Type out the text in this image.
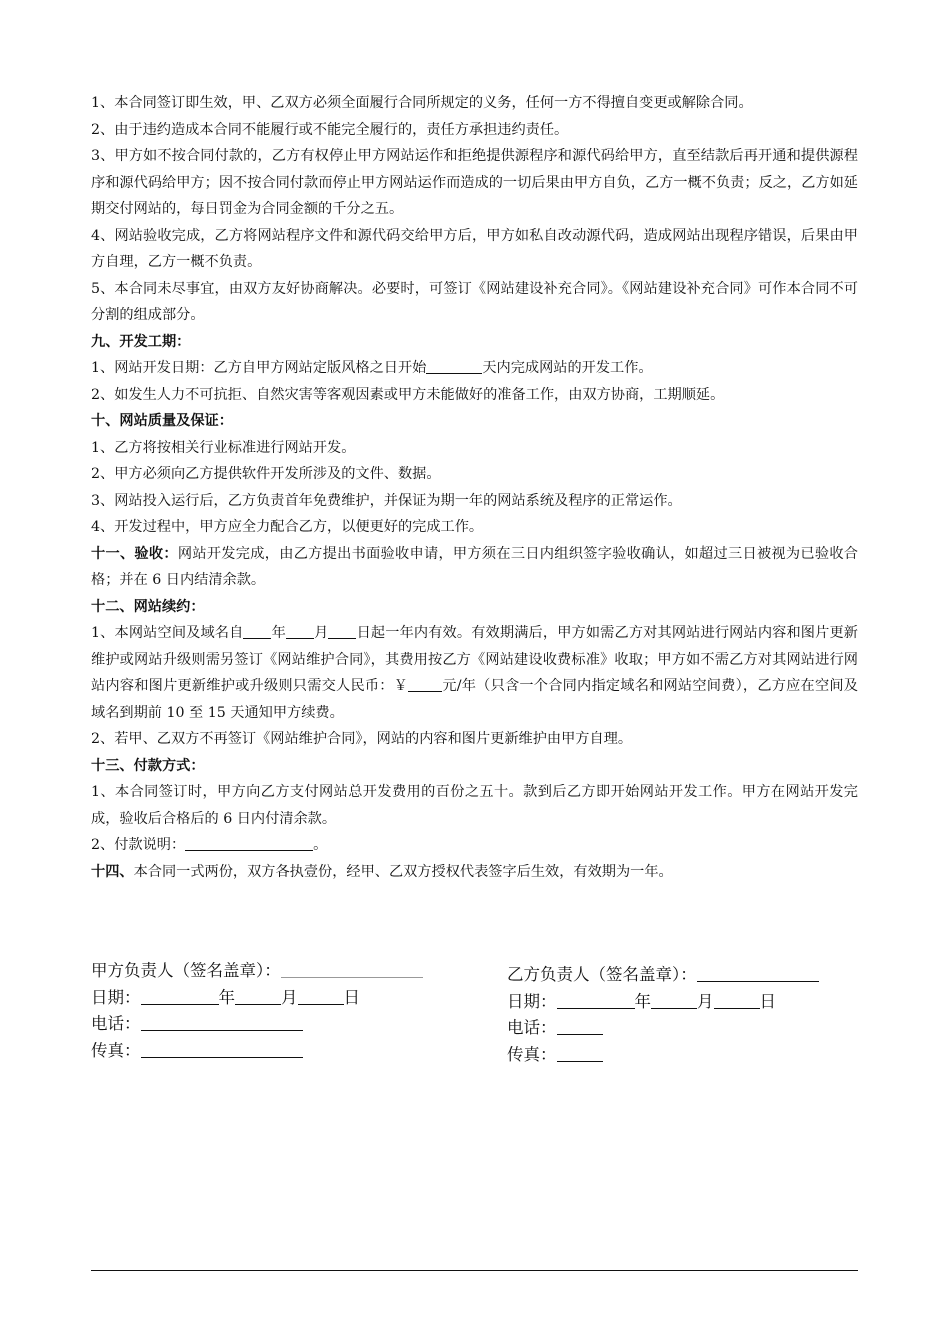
1、本合同签订即生效，甲、乙双方必须全面履行合同所规定的义务，任何一方不得擅自变更或解除合同。

2、由于违约造成本合同不能履行或不能完全履行的，责任方承担违约责任。

3、甲方如不按合同付款的，乙方有权停止甲方网站运作和拒绝提供源程序和源代码给甲方，直至结款后再开通和提供源程序和源代码给甲方；因不按合同付款而停止甲方网站运作而造成的一切后果由甲方自负，乙方一概不负责；反之，乙方如延期交付网站的，每日罚金为合同金额的千分之五。

4、网站验收完成，乙方将网站程序文件和源代码交给甲方后，甲方如私自改动源代码，造成网站出现程序错误，后果由甲方自理，乙方一概不负责。

5、本合同未尽事宜，由双方友好协商解决。必要时，可签订《网站建设补充合同》。《网站建设补充合同》可作本合同不可分割的组成部分。

九、开发工期：

1、网站开发日期：乙方自甲方网站定版风格之日开始	天内完成网站的开发工作。

2、如发生人力不可抗拒、自然灾害等客观因素或甲方未能做好的准备工作，由双方协商，工期顺延。

十、网站质量及保证：

1、乙方将按相关行业标准进行网站开发。

2、甲方必须向乙方提供软件开发所涉及的文件、数据。

3、网站投入运行后，乙方负责首年免费维护，并保证为期一年的网站系统及程序的正常运作。

4、开发过程中，甲方应全力配合乙方，以便更好的完成工作。

十一、验收：网站开发完成，由乙方提出书面验收申请，甲方须在三日内组织签字验收确认，如超过三日被视为已验收合格；并在 6 日内结清余款。

十二、网站续约：

1、本网站空间及域名自 年 月 日起一年内有效。有效期满后，甲方如需乙方对其网站进行网站内容和图片更新维护或网站升级则需另签订《网站维护合同》，其费用按乙方《网站建设收费标准》收取；甲方如不需乙方对其网站进行网站内容和图片更新维护或升级则只需交人民币：￥ 元/年（只含一个合同内指定域名和网站空间费），乙方应在空间及域名到期前 10 至 15 天通知甲方续费。

2、若甲、乙双方不再签订《网站维护合同》，网站的内容和图片更新维护由甲方自理。

十三、付款方式：

1、本合同签订时，甲方向乙方支付网站总开发费用的百份之五十。款到后乙方即开始网站开发工作。甲方在网站开发完成，验收后合格后的 6 日内付清余款。

2、付款说明：	。

十四、本合同一式两份，双方各执壹份，经甲、乙双方授权代表签字后生效，有效期为一年。

甲方负责人（签名盖章）：
日期：	年	月	日
电话：
传真：
乙方负责人（签名盖章）：
日期：	年	月	日
电话：
传真：
